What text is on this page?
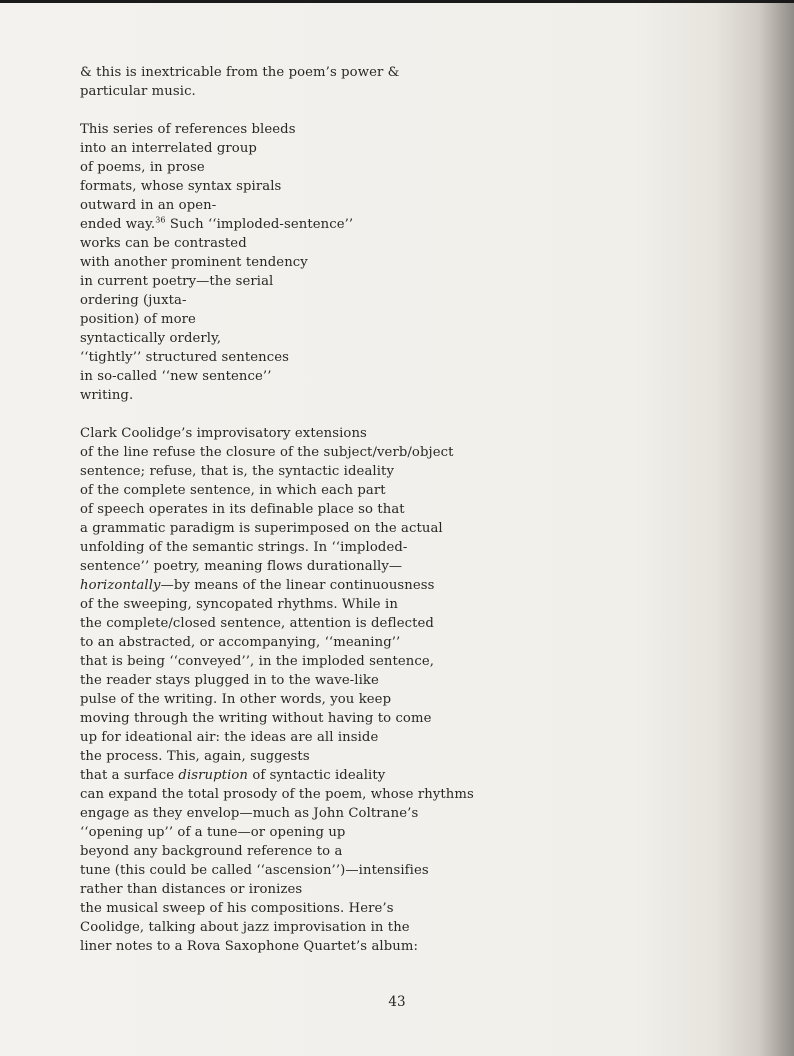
& this is inextricable from the poem’s power &
particular music.
This series of references bleeds
into an interrelated group
of poems, in prose
formats, whose syntax spirals
outward in an open-
ended way.$^{36}$ Such ‘‘imploded-sentence’’
works can be contrasted
with another prominent tendency
in current poetry—the serial
ordering (juxta-
position) of more
syntactically orderly,
‘‘tightly’’ structured sentences
in so-called ‘‘new sentence’’
writing.
Clark Coolidge’s improvisatory extensions
of the line refuse the closure of the subject/verb/object
sentence; refuse, that is, the syntactic ideality
of the complete sentence, in which each part
of speech operates in its definable place so that
a grammatic paradigm is superimposed on the actual
unfolding of the semantic strings. In ‘‘imploded-
sentence’’ poetry, meaning flows durationally—
horizontally—by means of the linear continuousness
of the sweeping, syncopated rhythms. While in
the complete/closed sentence, attention is deflected
to an abstracted, or accompanying, ‘‘meaning’’
that is being ‘‘conveyed’’, in the imploded sentence,
the reader stays plugged in to the wave-like
pulse of the writing. In other words, you keep
moving through the writing without having to come
up for ideational air: the ideas are all inside
the process. This, again, suggests
that a surface disruption of syntactic ideality
can expand the total prosody of the poem, whose rhythms
engage as they envelop—much as John Coltrane’s
‘‘opening up’’ of a tune—or opening up
beyond any background reference to a
tune (this could be called ‘‘ascension’’)—intensifies
rather than distances or ironizes
the musical sweep of his compositions. Here’s
Coolidge, talking about jazz improvisation in the
liner notes to a Rova Saxophone Quartet’s album:
43
